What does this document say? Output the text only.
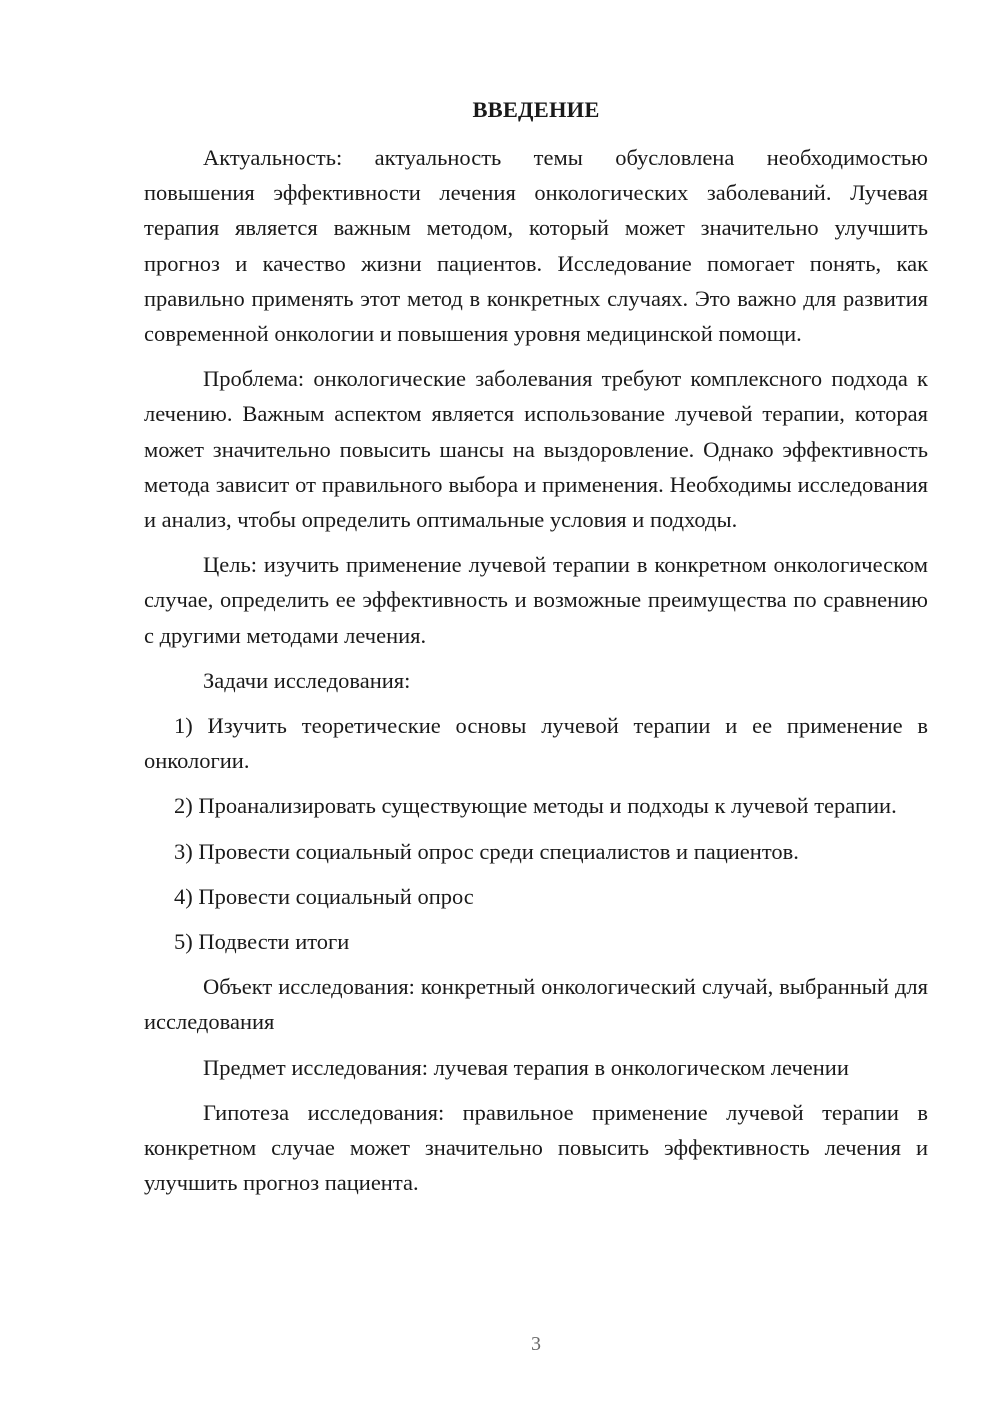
ВВЕДЕНИЕ

Актуальность: актуальность темы обусловлена необходимостью повышения эффективности лечения онкологических заболеваний. Лучевая терапия является важным методом, который может значительно улучшить прогноз и качество жизни пациентов. Исследование помогает понять, как правильно применять этот метод в конкретных случаях. Это важно для развития современной онкологии и повышения уровня медицинской помощи.

Проблема: онкологические заболевания требуют комплексного подхода к лечению. Важным аспектом является использование лучевой терапии, которая может значительно повысить шансы на выздоровление. Однако эффективность метода зависит от правильного выбора и применения. Необходимы исследования и анализ, чтобы определить оптимальные условия и подходы.

Цель: изучить применение лучевой терапии в конкретном онкологическом случае, определить ее эффективность и возможные преимущества по сравнению с другими методами лечения.

Задачи исследования:

1) Изучить теоретические основы лучевой терапии и ее применение в онкологии.

2) Проанализировать существующие методы и подходы к лучевой терапии.

3) Провести социальный опрос среди специалистов и пациентов.

4) Провести социальный опрос

5) Подвести итоги

Объект исследования: конкретный онкологический случай, выбранный для исследования

Предмет исследования: лучевая терапия в онкологическом лечении

Гипотеза исследования: правильное применение лучевой терапии в конкретном случае может значительно повысить эффективность лечения и улучшить прогноз пациента.

3
